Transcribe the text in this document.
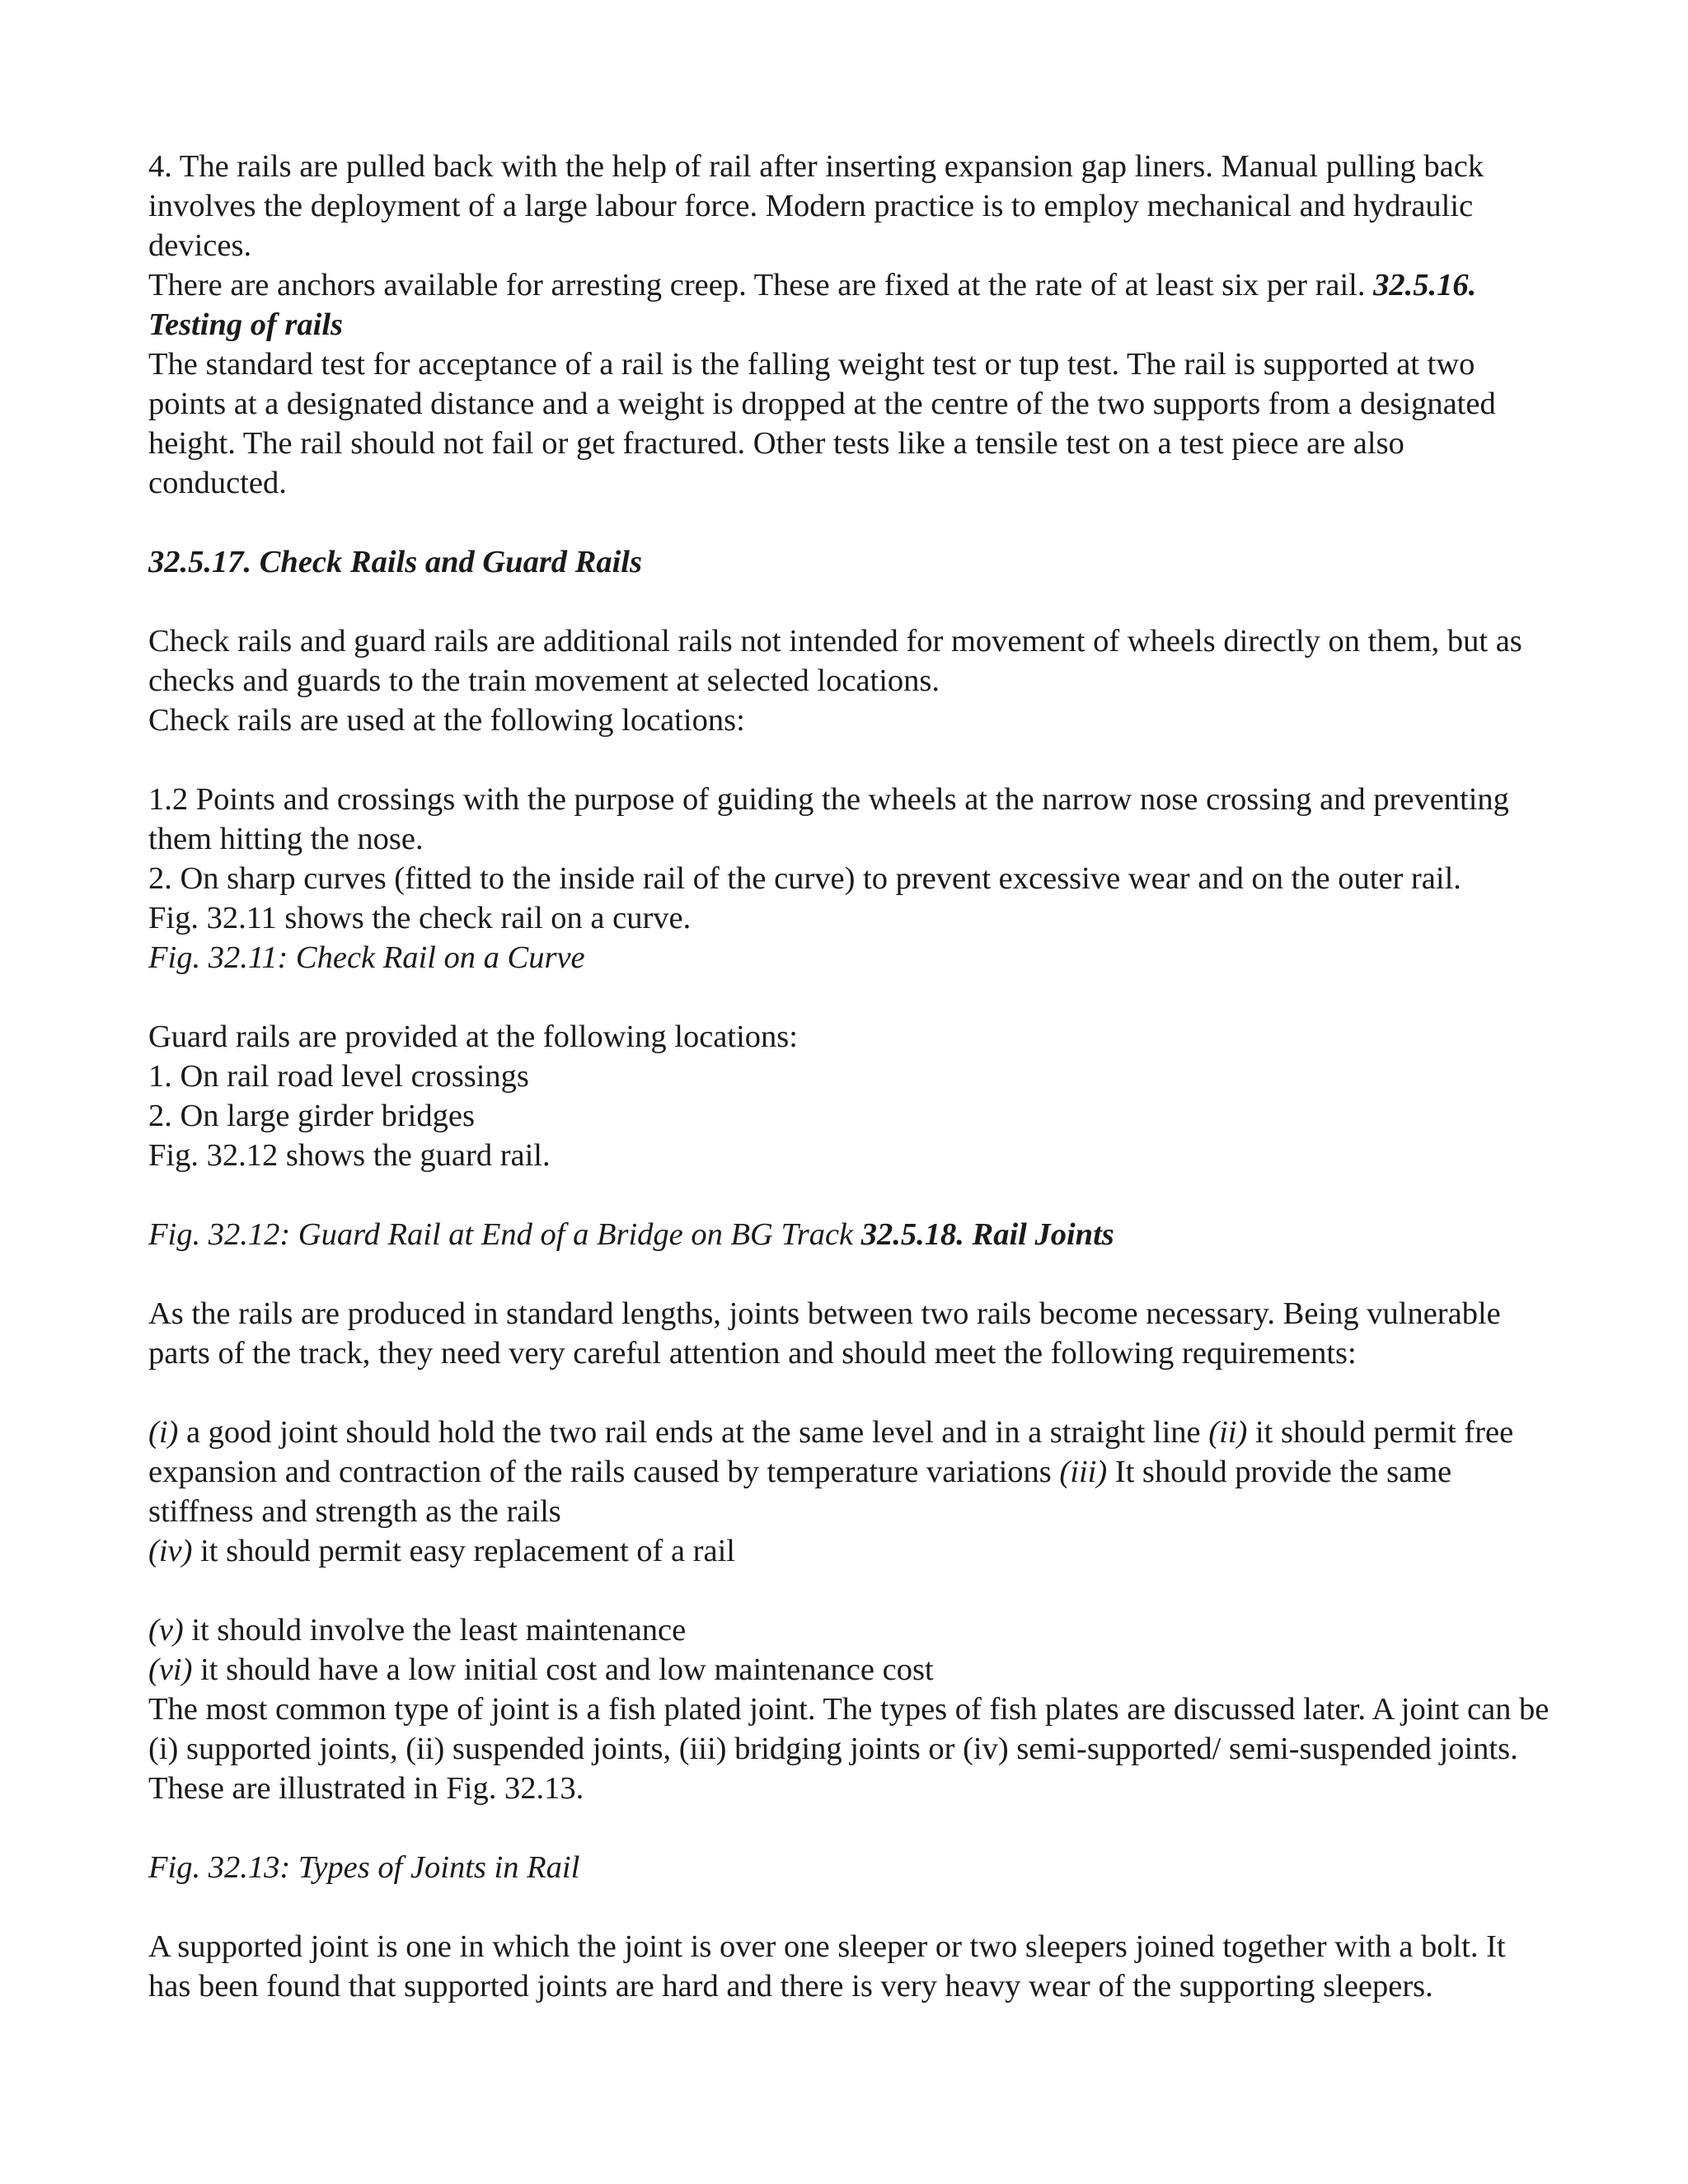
4. The rails are pulled back with the help of rail after inserting expansion gap liners. Manual pulling back involves the deployment of a large labour force. Modern practice is to employ mechanical and hydraulic devices.

There are anchors available for arresting creep. These are fixed at the rate of at least six per rail. 32.5.16. Testing of rails

The standard test for acceptance of a rail is the falling weight test or tup test. The rail is supported at two points at a designated distance and a weight is dropped at the centre of the two supports from a designated height. The rail should not fail or get fractured. Other tests like a tensile test on a test piece are also conducted.

32.5.17. Check Rails and Guard Rails

Check rails and guard rails are additional rails not intended for movement of wheels directly on them, but as checks and guards to the train movement at selected locations.

Check rails are used at the following locations:

1.2 Points and crossings with the purpose of guiding the wheels at the narrow nose crossing and preventing them hitting the nose.

2. On sharp curves (fitted to the inside rail of the curve) to prevent excessive wear and on the outer rail.

Fig. 32.11 shows the check rail on a curve.

Fig. 32.11: Check Rail on a Curve

Guard rails are provided at the following locations:

1. On rail road level crossings

2. On large girder bridges

Fig. 32.12 shows the guard rail.

Fig. 32.12: Guard Rail at End of a Bridge on BG Track 32.5.18. Rail Joints

As the rails are produced in standard lengths, joints between two rails become necessary. Being vulnerable parts of the track, they need very careful attention and should meet the following requirements:

(i) a good joint should hold the two rail ends at the same level and in a straight line (ii) it should permit free expansion and contraction of the rails caused by temperature variations (iii) It should provide the same stiffness and strength as the rails

(iv) it should permit easy replacement of a rail

(v) it should involve the least maintenance

(vi) it should have a low initial cost and low maintenance cost

The most common type of joint is a fish plated joint. The types of fish plates are discussed later. A joint can be (i) supported joints, (ii) suspended joints, (iii) bridging joints or (iv) semi-supported/ semi-suspended joints. These are illustrated in Fig. 32.13.

Fig. 32.13: Types of Joints in Rail

A supported joint is one in which the joint is over one sleeper or two sleepers joined together with a bolt. It has been found that supported joints are hard and there is very heavy wear of the supporting sleepers.
